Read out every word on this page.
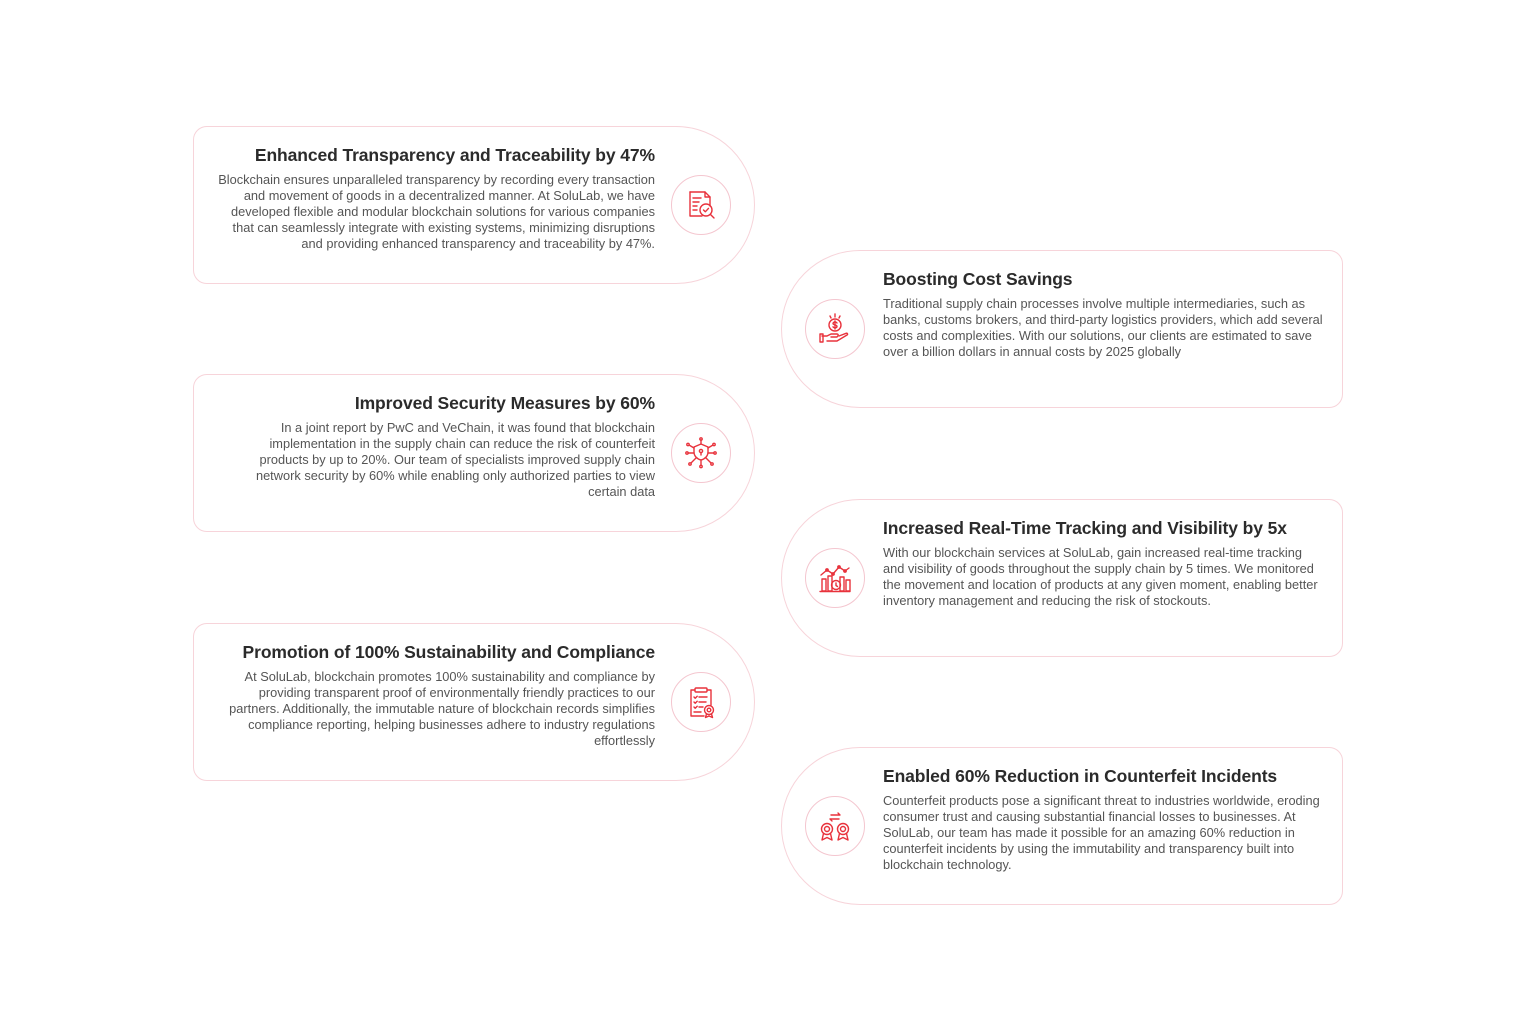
Enhanced Transparency and Traceability by 47%

Blockchain ensures unparalleled transparency by recording every transaction and movement of goods in a decentralized manner. At SoluLab, we have developed flexible and modular blockchain solutions for various companies that can seamlessly integrate with existing systems, minimizing disruptions and providing enhanced transparency and traceability by 47%.

Boosting Cost Savings

Traditional supply chain processes involve multiple intermediaries, such as banks, customs brokers, and third-party logistics providers, which add several costs and complexities. With our solutions, our clients are estimated to save over a billion dollars in annual costs by 2025 globally

Improved Security Measures by 60%

In a joint report by PwC and VeChain, it was found that blockchain implementation in the supply chain can reduce the risk of counterfeit products by up to 20%. Our team of specialists improved supply chain network security by 60% while enabling only authorized parties to view certain data

Increased Real-Time Tracking and Visibility by 5x

With our blockchain services at SoluLab, gain increased real-time tracking and visibility of goods throughout the supply chain by 5 times. We monitored the movement and location of products at any given moment, enabling better inventory management and reducing the risk of stockouts.

Promotion of 100% Sustainability and Compliance

At SoluLab, blockchain promotes 100% sustainability and compliance by providing transparent proof of environmentally friendly practices to our partners. Additionally, the immutable nature of blockchain records simplifies compliance reporting, helping businesses adhere to industry regulations effortlessly

Enabled 60% Reduction in Counterfeit Incidents

Counterfeit products pose a significant threat to industries worldwide, eroding consumer trust and causing substantial financial losses to businesses. At SoluLab, our team has made it possible for an amazing 60% reduction in counterfeit incidents by using the immutability and transparency built into blockchain technology.
